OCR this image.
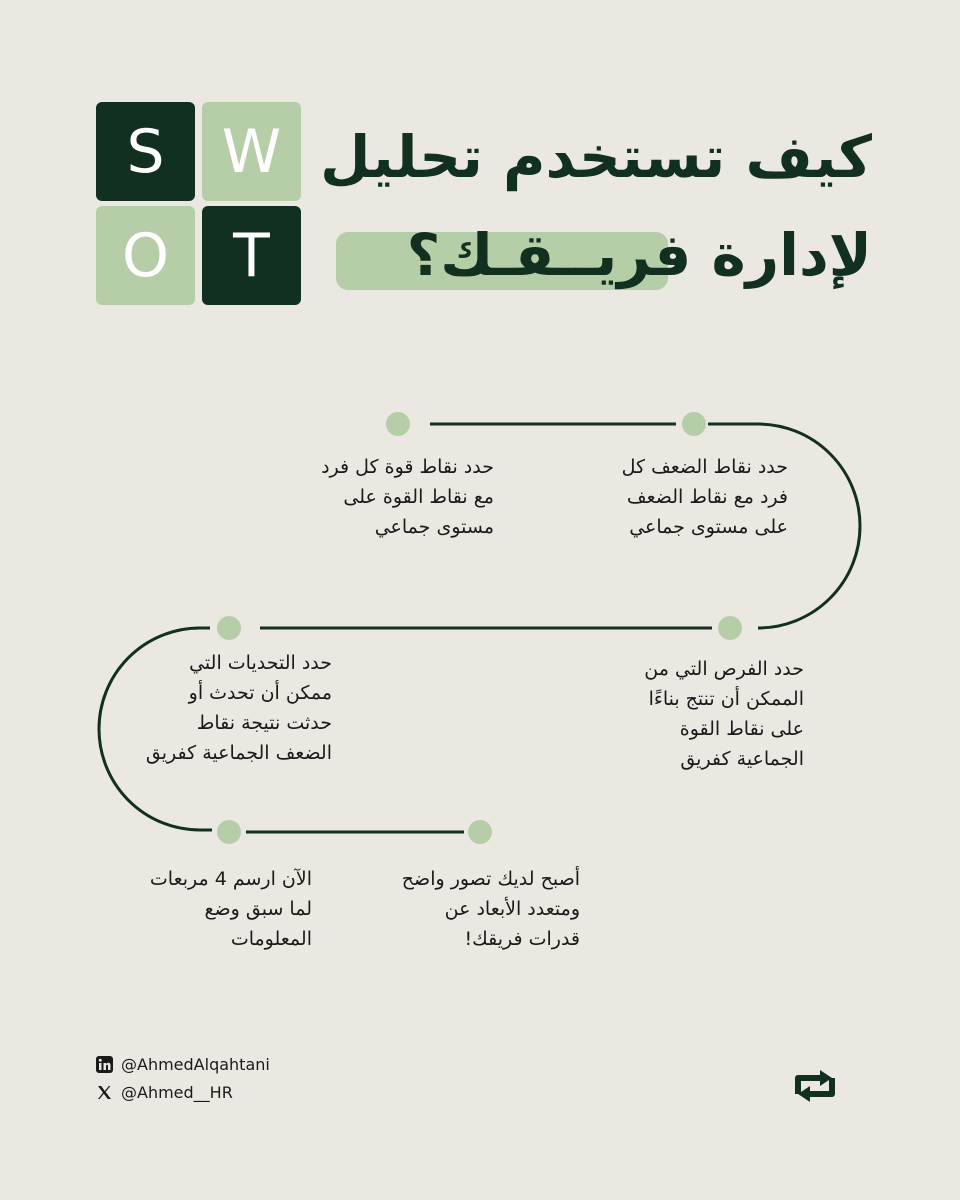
S W
O T
كيف تستخدم تحليل
لإدارة فريــقـك؟
حدد نقاط قوة كل فرد
مع نقاط القوة على
مستوى جماعي
حدد نقاط الضعف كل
فرد مع نقاط الضعف
على مستوى جماعي
حدد الفرص التي من
الممكن أن تنتج بناءًا
على نقاط القوة
الجماعية كفريق
حدد التحديات التي
ممكن أن تحدث أو
حدثت نتيجة نقاط
الضعف الجماعية كفريق
أصبح لديك تصور واضح
ومتعدد الأبعاد عن
قدرات فريقك!
الآن ارسم 4 مربعات
لما سبق وضع
المعلومات
@AhmedAlqahtani
@Ahmed__HR
